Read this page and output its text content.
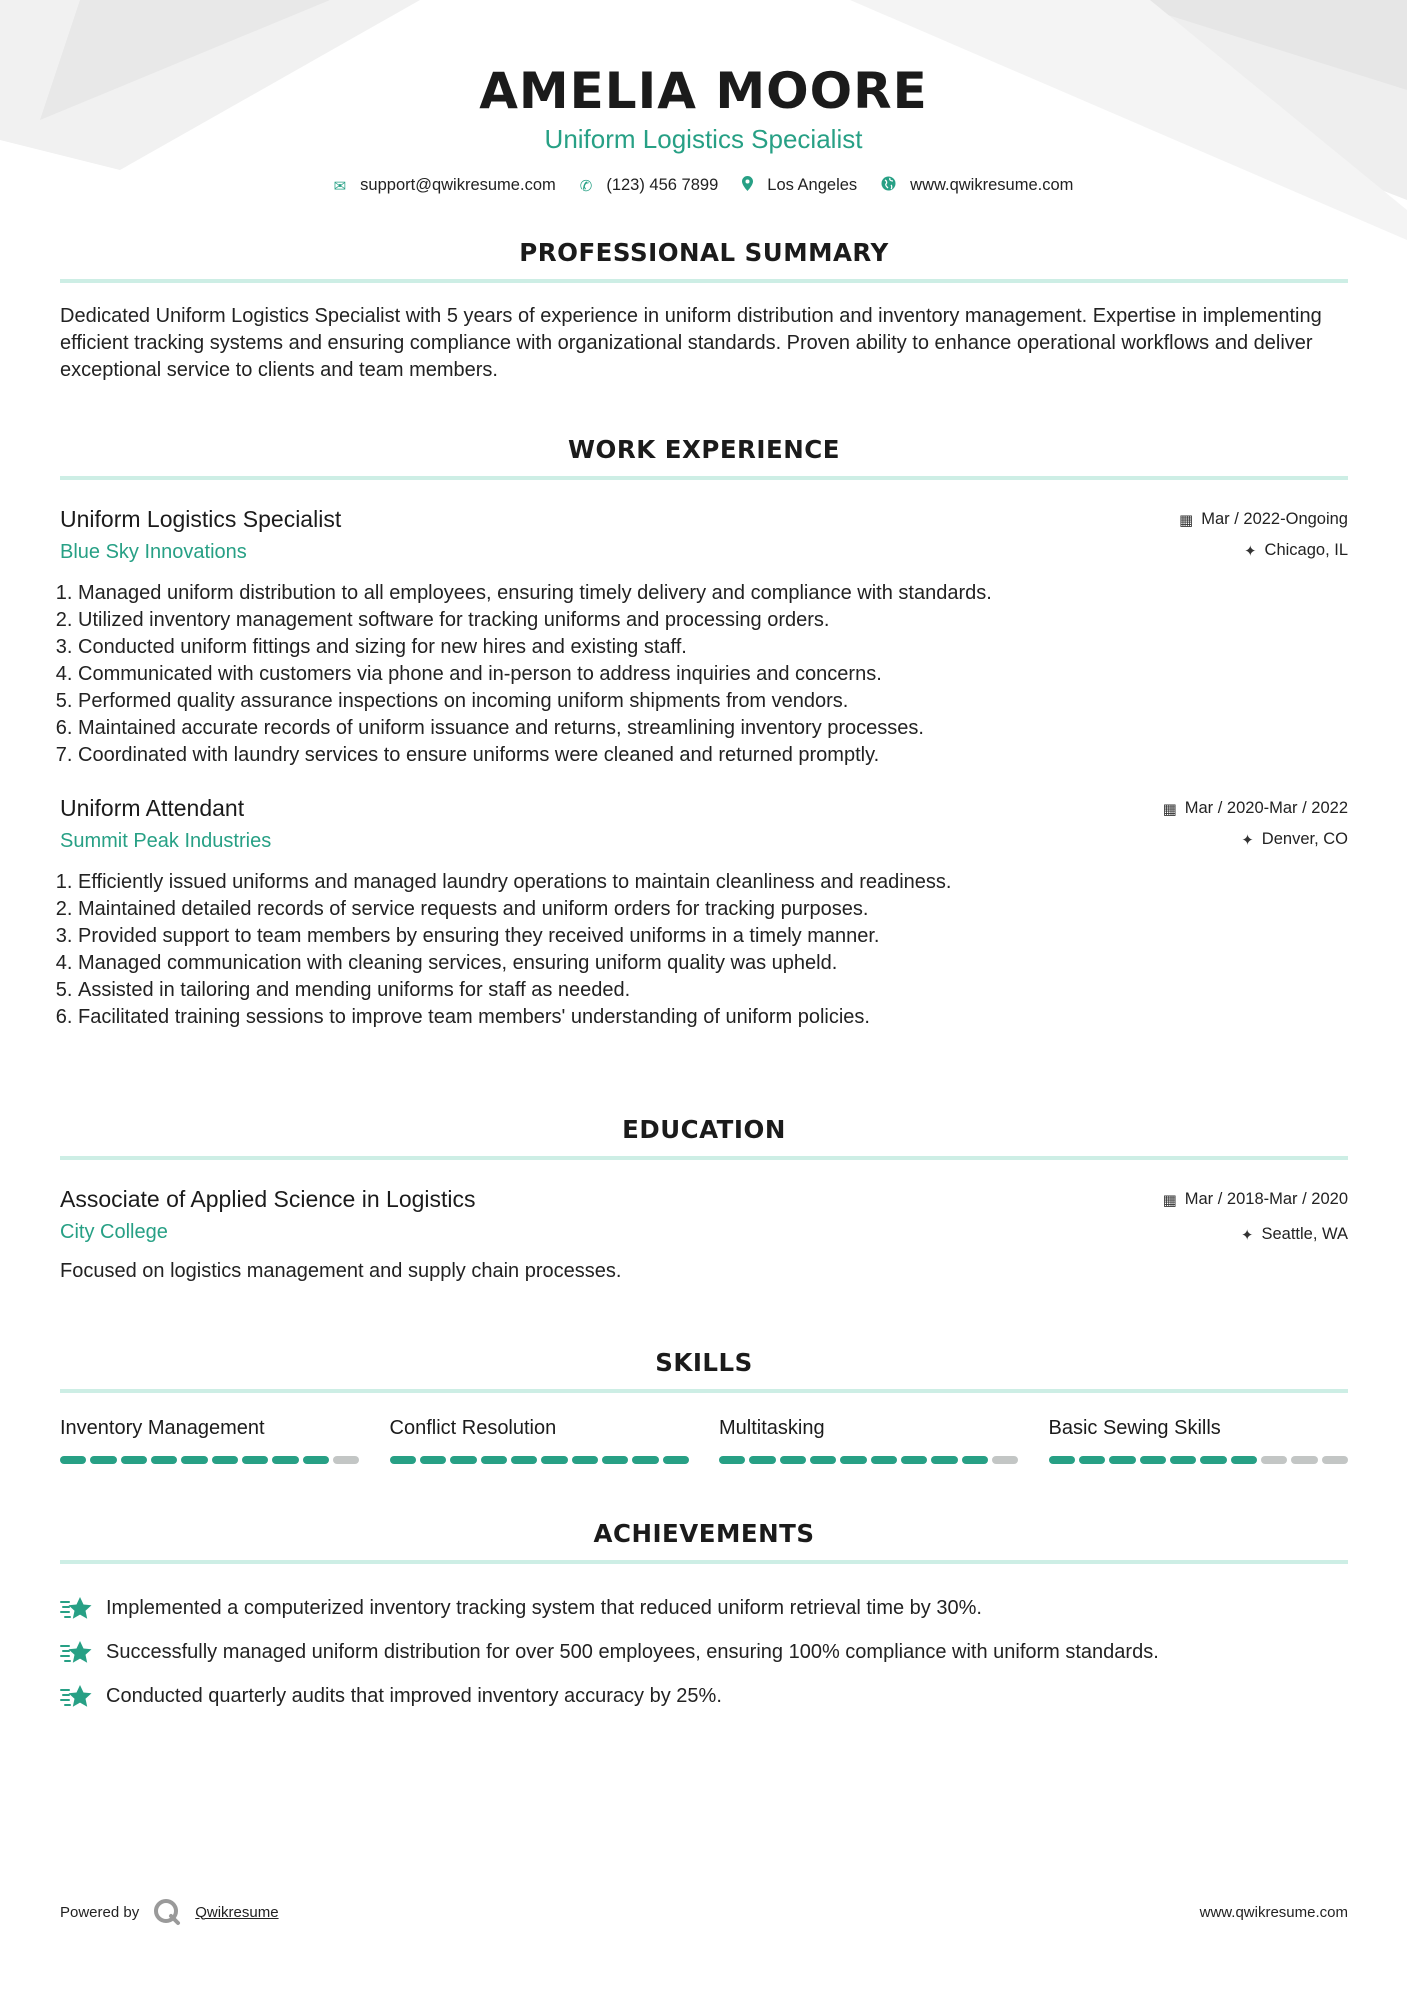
AMELIA MOORE
Uniform Logistics Specialist
✉ support@qwikresume.com ✆ (123) 456 7899	Los Angeles	www.qwikresume.com
PROFESSIONAL SUMMARY
Dedicated Uniform Logistics Specialist with 5 years of experience in uniform distribution and inventory management. Expertise in implementing efficient tracking systems and ensuring compliance with organizational standards. Proven ability to enhance operational workflows and deliver exceptional service to clients and team members.
WORK EXPERIENCE
Uniform Logistics Specialist
Blue Sky Innovations
▦ Mar / 2022-Ongoing
✦ Chicago, IL
1. Managed uniform distribution to all employees, ensuring timely delivery and compliance with standards.
2. Utilized inventory management software for tracking uniforms and processing orders.
3. Conducted uniform fittings and sizing for new hires and existing staff.
4. Communicated with customers via phone and in-person to address inquiries and concerns.
5. Performed quality assurance inspections on incoming uniform shipments from vendors.
6. Maintained accurate records of uniform issuance and returns, streamlining inventory processes.
7. Coordinated with laundry services to ensure uniforms were cleaned and returned promptly.
Uniform Attendant
Summit Peak Industries
▦ Mar / 2020-Mar / 2022
✦ Denver, CO
1. Efficiently issued uniforms and managed laundry operations to maintain cleanliness and readiness.
2. Maintained detailed records of service requests and uniform orders for tracking purposes.
3. Provided support to team members by ensuring they received uniforms in a timely manner.
4. Managed communication with cleaning services, ensuring uniform quality was upheld.
5. Assisted in tailoring and mending uniforms for staff as needed.
6. Facilitated training sessions to improve team members' understanding of uniform policies.
EDUCATION
Associate of Applied Science in Logistics
City College
▦ Mar / 2018-Mar / 2020
✦ Seattle, WA
Focused on logistics management and supply chain processes.
SKILLS
Inventory Management	Conflict Resolution	Multitasking	Basic Sewing Skills
ACHIEVEMENTS
Implemented a computerized inventory tracking system that reduced uniform retrieval time by 30%.
Successfully managed uniform distribution for over 500 employees, ensuring 100% compliance with uniform standards.
Conducted quarterly audits that improved inventory accuracy by 25%.
Powered by	Qwikresume	www.qwikresume.com
